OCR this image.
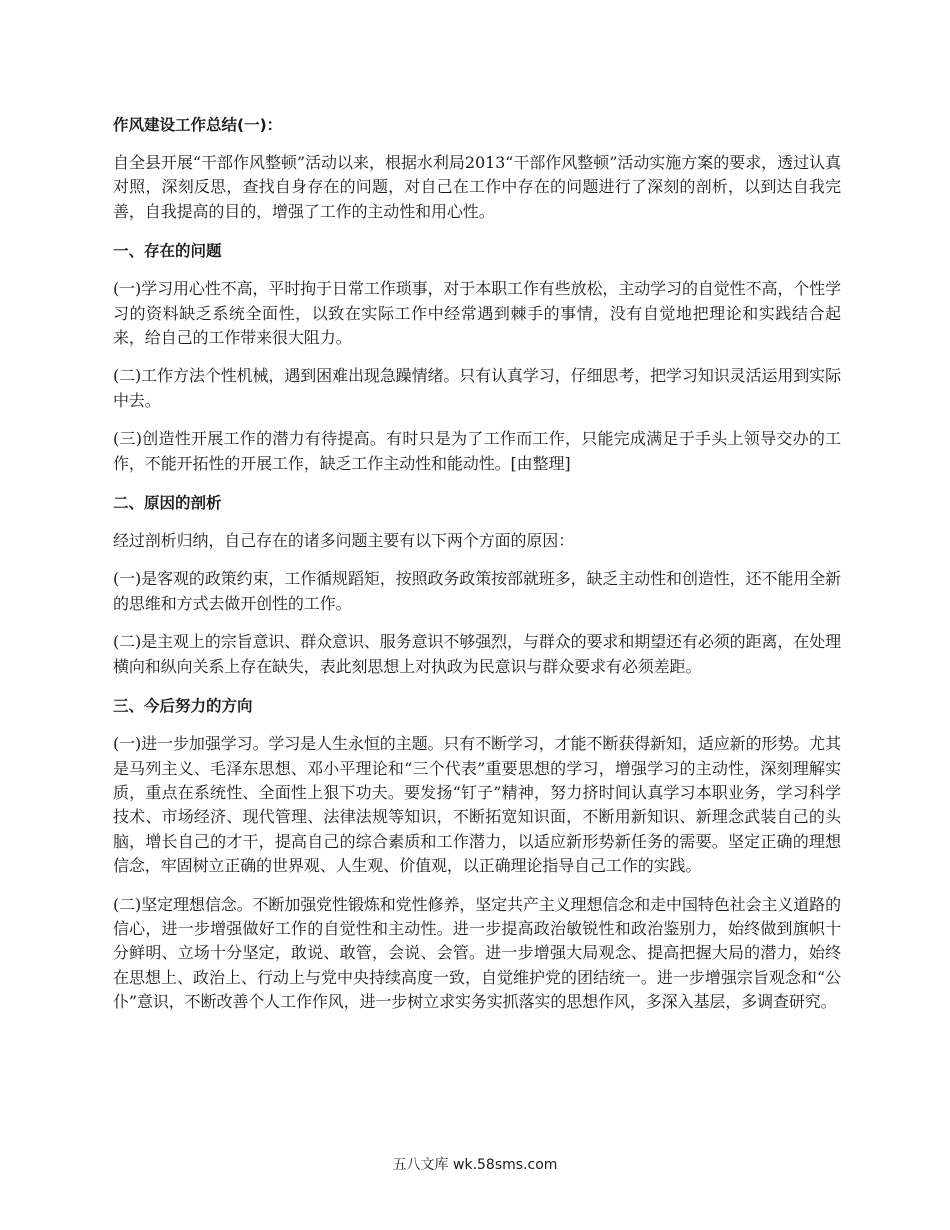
作风建设工作总结(一)：
自全县开展“干部作风整顿”活动以来，根据水利局2013“干部作风整顿”活动实施方案的要求，透过认真对照，深刻反思，查找自身存在的问题，对自己在工作中存在的问题进行了深刻的剖析，以到达自我完善，自我提高的目的，增强了工作的主动性和用心性。
一、存在的问题
(一)学习用心性不高，平时拘于日常工作琐事，对于本职工作有些放松，主动学习的自觉性不高，个性学习的资料缺乏系统全面性，以致在实际工作中经常遇到棘手的事情，没有自觉地把理论和实践结合起来，给自己的工作带来很大阻力。
(二)工作方法个性机械，遇到困难出现急躁情绪。只有认真学习，仔细思考，把学习知识灵活运用到实际中去。
(三)创造性开展工作的潜力有待提高。有时只是为了工作而工作，只能完成满足于手头上领导交办的工作，不能开拓性的开展工作，缺乏工作主动性和能动性。[由整理]
二、原因的剖析
经过剖析归纳，自己存在的诸多问题主要有以下两个方面的原因：
(一)是客观的政策约束，工作循规蹈矩，按照政务政策按部就班多，缺乏主动性和创造性，还不能用全新的思维和方式去做开创性的工作。
(二)是主观上的宗旨意识、群众意识、服务意识不够强烈，与群众的要求和期望还有必须的距离，在处理横向和纵向关系上存在缺失，表此刻思想上对执政为民意识与群众要求有必须差距。
三、今后努力的方向
(一)进一步加强学习。学习是人生永恒的主题。只有不断学习，才能不断获得新知，适应新的形势。尤其是马列主义、毛泽东思想、邓小平理论和“三个代表”重要思想的学习，增强学习的主动性，深刻理解实质，重点在系统性、全面性上狠下功夫。要发扬“钉子”精神，努力挤时间认真学习本职业务，学习科学技术、市场经济、现代管理、法律法规等知识，不断拓宽知识面，不断用新知识、新理念武装自己的头脑，增长自己的才干，提高自己的综合素质和工作潜力，以适应新形势新任务的需要。坚定正确的理想信念，牢固树立正确的世界观、人生观、价值观，以正确理论指导自己工作的实践。
(二)坚定理想信念。不断加强党性锻炼和党性修养，坚定共产主义理想信念和走中国特色社会主义道路的信心，进一步增强做好工作的自觉性和主动性。进一步提高政治敏锐性和政治鉴别力，始终做到旗帜十分鲜明、立场十分坚定，敢说、敢管，会说、会管。进一步增强大局观念、提高把握大局的潜力，始终在思想上、政治上、行动上与党中央持续高度一致，自觉维护党的团结统一。进一步增强宗旨观念和“公仆”意识，不断改善个人工作作风，进一步树立求实务实抓落实的思想作风，多深入基层，多调查研究。
五八文库 wk.58sms.com
